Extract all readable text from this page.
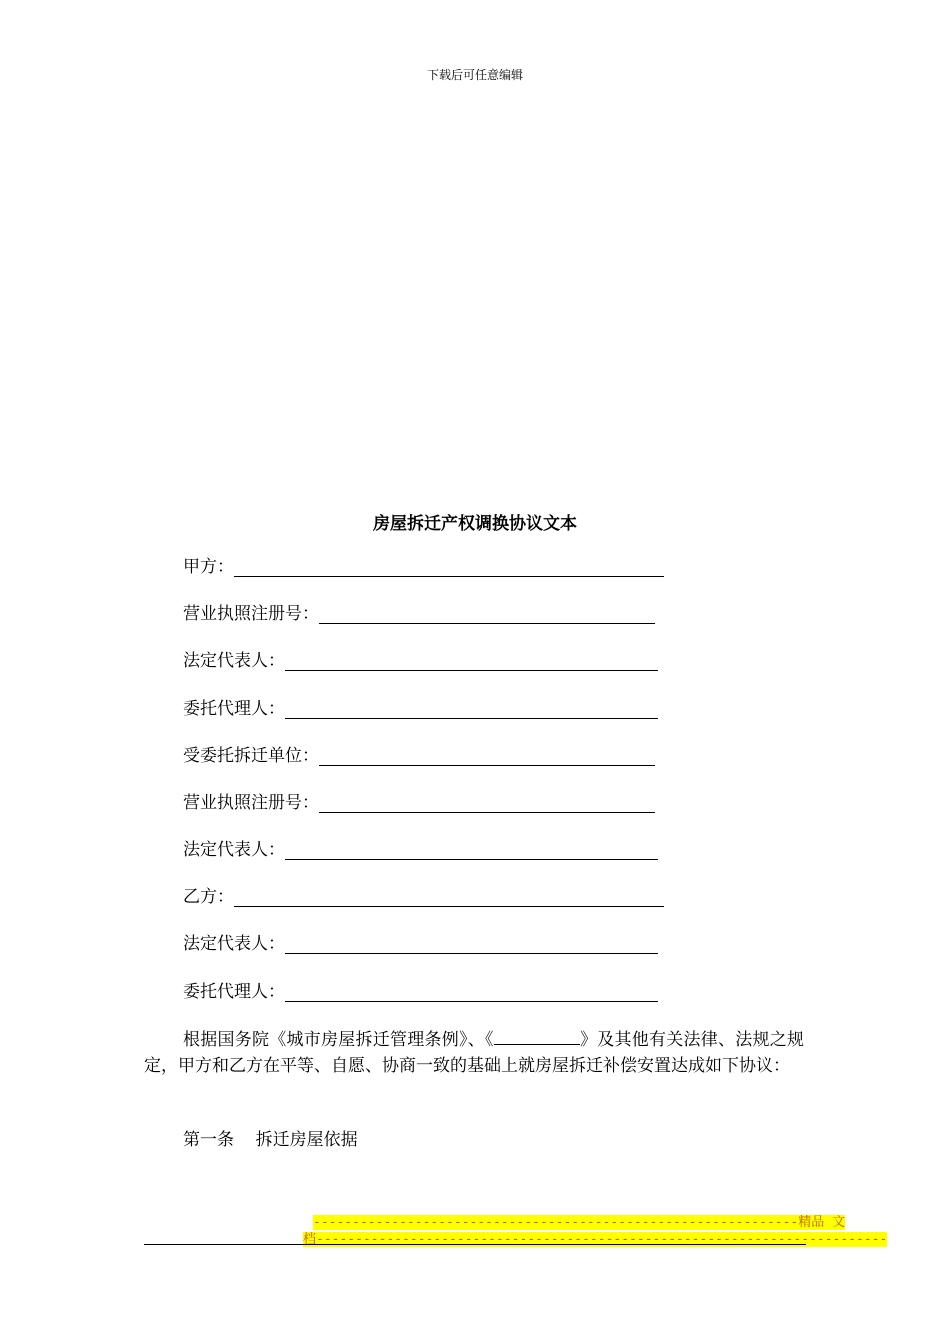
下载后可任意编辑
房屋拆迁产权调换协议文本
甲方：
营业执照注册号：
法定代表人：
委托代理人：
受委托拆迁单位：
营业执照注册号：
法定代表人：
乙方：
法定代表人：
委托代理人：
根据国务院《城市房屋拆迁管理条例》、《	》及其他有关法律、法规之规定，甲方和乙方在平等、自愿、协商一致的基础上就房屋拆迁补偿安置达成如下协议：
第一条    拆迁房屋依据
--------------------------------------------------------------精品 文
档-------------------------------------------------------------------------
